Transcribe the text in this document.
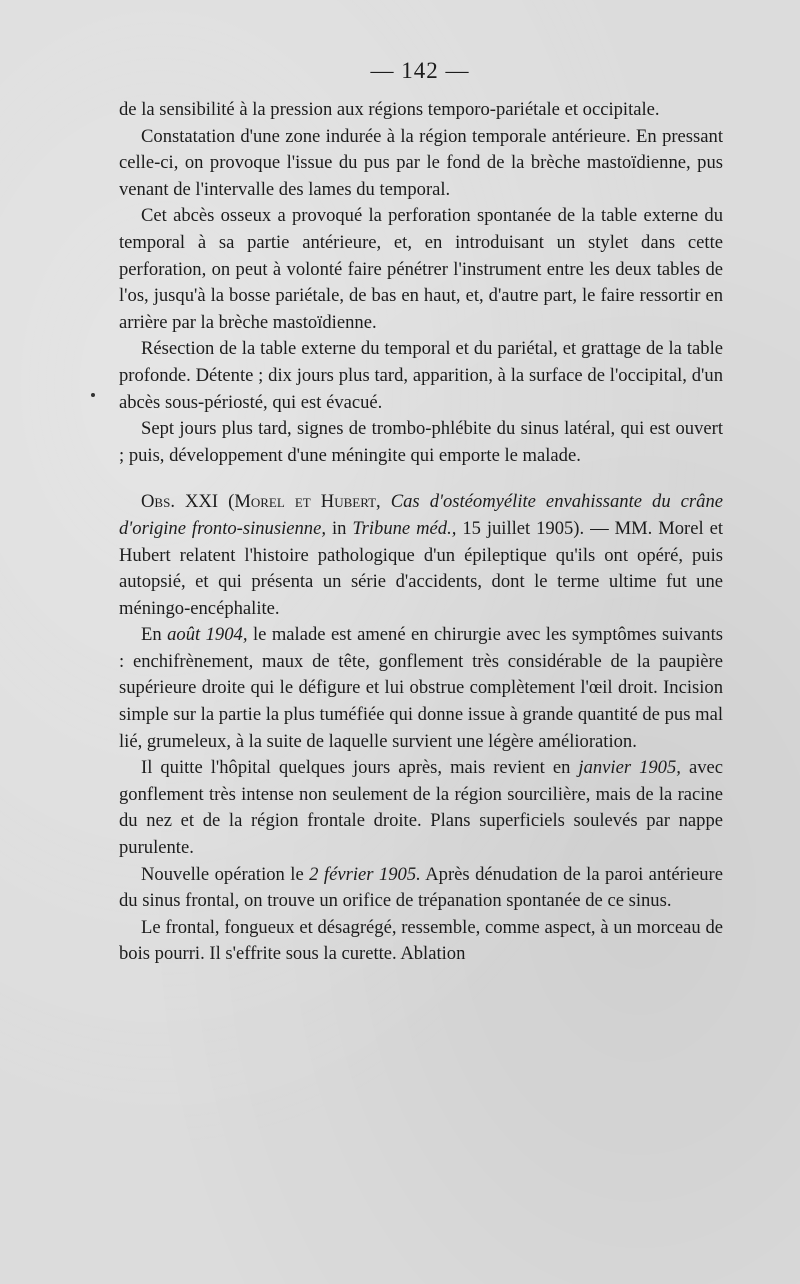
— 142 —

de la sensibilité à la pression aux régions temporo-pariétale et occipitale.

Constatation d'une zone indurée à la région temporale antérieure. En pressant celle-ci, on provoque l'issue du pus par le fond de la brèche mastoïdienne, pus venant de l'intervalle des lames du temporal.

Cet abcès osseux a provoqué la perforation spontanée de la table externe du temporal à sa partie antérieure, et, en introduisant un stylet dans cette perforation, on peut à volonté faire pénétrer l'instrument entre les deux tables de l'os, jusqu'à la bosse pariétale, de bas en haut, et, d'autre part, le faire ressortir en arrière par la brèche mastoïdienne.

Résection de la table externe du temporal et du pariétal, et grattage de la table profonde. Détente ; dix jours plus tard, apparition, à la surface de l'occipital, d'un abcès sous-périosté, qui est évacué.

Sept jours plus tard, signes de trombo-phlébite du sinus latéral, qui est ouvert ; puis, développement d'une méningite qui emporte le malade.

Obs. XXI (Morel et Hubert, Cas d'ostéomyélite envahissante du crâne d'origine fronto-sinusienne, in Tribune méd., 15 juillet 1905). — MM. Morel et Hubert relatent l'histoire pathologique d'un épileptique qu'ils ont opéré, puis autopsié, et qui présenta un série d'accidents, dont le terme ultime fut une méningo-encéphalite.

En août 1904, le malade est amené en chirurgie avec les symptômes suivants : enchifrènement, maux de tête, gonflement très considérable de la paupière supérieure droite qui le défigure et lui obstrue complètement l'œil droit. Incision simple sur la partie la plus tuméfiée qui donne issue à grande quantité de pus mal lié, grumeleux, à la suite de laquelle survient une légère amélioration.

Il quitte l'hôpital quelques jours après, mais revient en janvier 1905, avec gonflement très intense non seulement de la région sourcilière, mais de la racine du nez et de la région frontale droite. Plans superficiels soulevés par nappe purulente.

Nouvelle opération le 2 février 1905. Après dénudation de la paroi antérieure du sinus frontal, on trouve un orifice de trépanation spontanée de ce sinus.

Le frontal, fongueux et désagrégé, ressemble, comme aspect, à un morceau de bois pourri. Il s'effrite sous la curette. Ablation
